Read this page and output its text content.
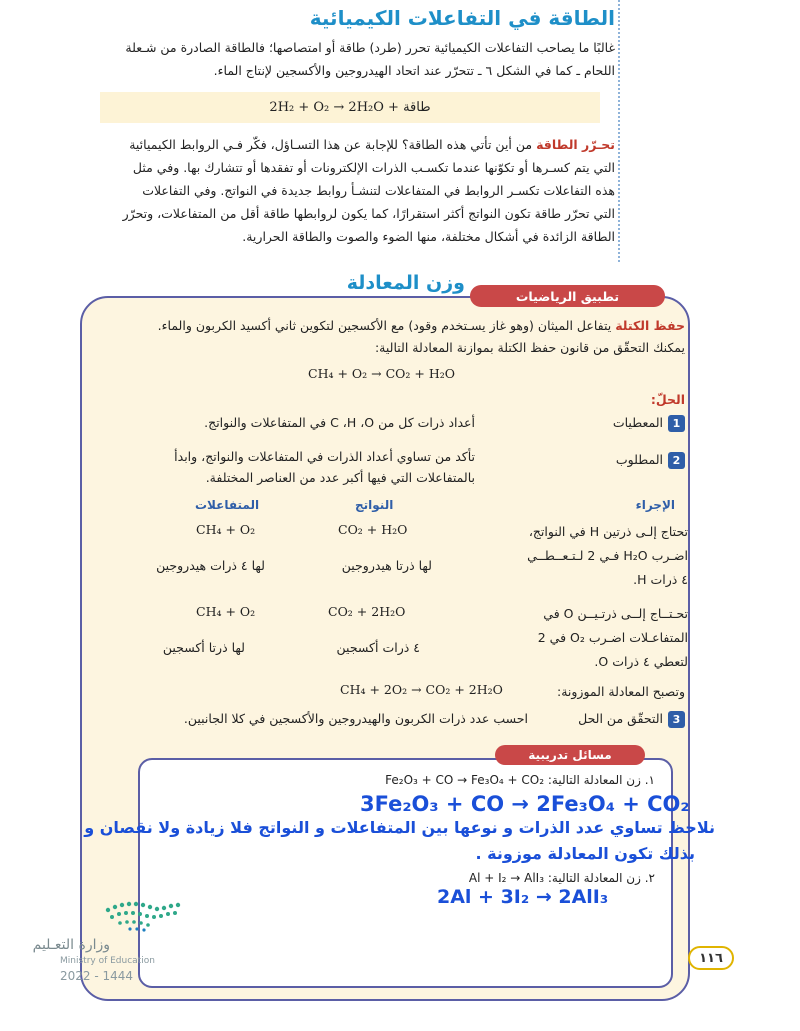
الطاقة في التفاعلات الكيميائية
غالبًا ما يصاحب التفاعلات الكيميائية تحرر (طرد) طاقة أو امتصاصها؛ فالطاقة الصادرة من شـعلة
اللحام ـ كما في الشكل ٦ ـ تتحرّر عند اتحاد الهيدروجين والأكسجين لإنتاج الماء.
2H₂ + O₂ → 2H₂O + طاقة
تحـرّر الطاقة من أين تأتي هذه الطاقة؟ للإجابة عن هذا التسـاؤل، فكّر فـي الروابط الكيميائية
التي يتم كسـرها أو تكوّنها عندما تكسـب الذرات الإلكترونات أو تفقدها أو تتشارك بها. وفي مثل
هذه التفاعلات تكسـر الروابط في المتفاعلات لتنشـأ روابط جديدة في النواتج. وفي التفاعلات
التي تحرّر طاقة تكون النواتج أكثر استقرارًا، كما يكون لروابطها طاقة أقل من المتفاعلات، وتحرّر
الطاقة الزائدة في أشكال مختلفة، منها الضوء والصوت والطاقة الحرارية.
وزن المعادلة
تطبيق الرياضيات
حفظ الكتلة يتفاعل الميثان (وهو غاز يسـتخدم وقود) مع الأكسجين لتكوين ثاني أكسيد الكربون والماء.
يمكنك التحقّق من قانون حفظ الكتلة بموازنة المعادلة التالية:
CH₄ + O₂ → CO₂ + H₂O
الحلّ:
1المعطيات
أعداد ذرات كل من C ،H ،O في المتفاعلات والنواتج.
2المطلوب
تأكد من تساوي أعداد الذرات في المتفاعلات والنواتج، وابدأ
بالمتفاعلات التي فيها أكبر عدد من العناصر المختلفة.
الإجراء
النواتج
المتفاعلات
تحتاج إلـى ذرتين H في النواتج،
اضـرب H₂O فـي 2 لـتـعــطــي
٤ ذرات H.
CO₂ + H₂O
CH₄ + O₂
لها ذرتا هيدروجين
لها ٤ ذرات هيدروجين
تحـتــاج إلــى ذرتـيــن O في
المتفاعـلات اضـرب O₂ في 2
لتعطي ٤ ذرات O.
CO₂ + 2H₂O
CH₄ + O₂
٤ ذرات أكسجين
لها ذرتا أكسجين
وتصبح المعادلة الموزونة:
CH₄ + 2O₂ → CO₂ + 2H₂O
3التحقّق من الحل
احسب عدد ذرات الكربون والهيدروجين والأكسجين في كلا الجانبين.
مسائل تدريبية
١. زن المعادلة التالية: Fe₂O₃ + CO → Fe₃O₄ + CO₂
3Fe₂O₃ + CO → 2Fe₃O₄ + CO₂
نلاحظ تساوي عدد الذرات و نوعها بين المتفاعلات و النواتج فلا زيادة ولا نقصان و
بذلك تكون المعادلة موزونة .
٢. زن المعادلة التالية: Al + I₂ → AlI₃
2Al + 3I₂ → 2AlI₃
وزارة التعـليم
Ministry of Education
2022 - 1444
١١٦
